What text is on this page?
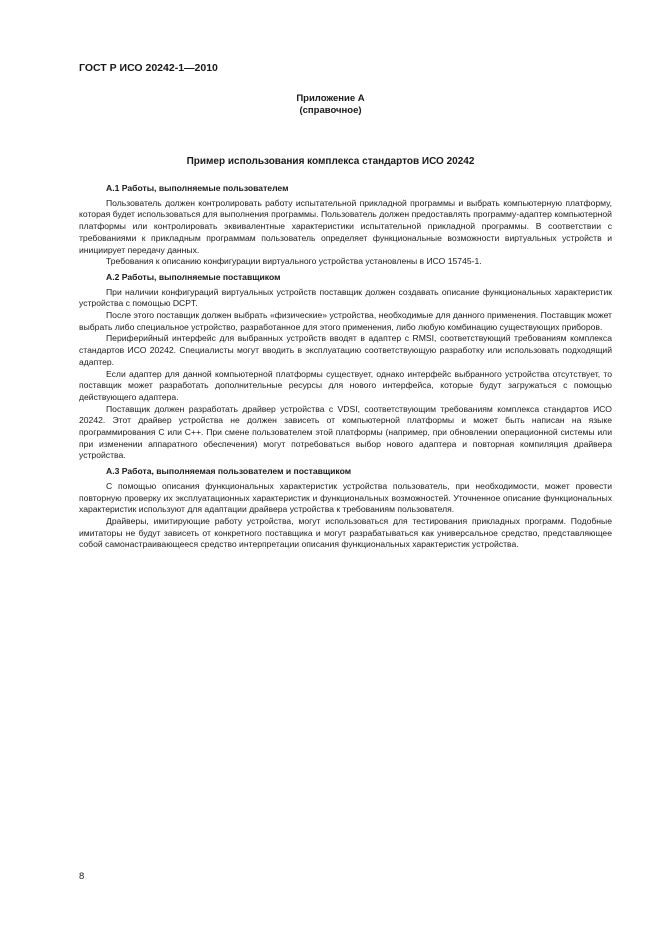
ГОСТ Р ИСО 20242-1—2010
Приложение А
(справочное)
Пример использования комплекса стандартов ИСО 20242
А.1 Работы, выполняемые пользователем

Пользователь должен контролировать работу испытательной прикладной программы и выбрать компьютерную платформу, которая будет использоваться для выполнения программы. Пользователь должен предоставлять программу-адаптер компьютерной платформы или контролировать эквивалентные характеристики испытательной прикладной программы. В соответствии с требованиями к прикладным программам пользователь определяет функциональные возможности виртуальных устройств и инициирует передачу данных.

Требования к описанию конфигурации виртуального устройства установлены в ИСО 15745-1.

А.2 Работы, выполняемые поставщиком

При наличии конфигураций виртуальных устройств поставщик должен создавать описание функциональных характеристик устройства с помощью DCPT.

После этого поставщик должен выбрать «физические» устройства, необходимые для данного применения. Поставщик может выбрать либо специальное устройство, разработанное для этого применения, либо любую комбинацию существующих приборов.

Периферийный интерфейс для выбранных устройств вводят в адаптер с RMSI, соответствующий требованиям комплекса стандартов ИСО 20242. Специалисты могут вводить в эксплуатацию соответствующую разработку или использовать подходящий адаптер.

Если адаптер для данной компьютерной платформы существует, однако интерфейс выбранного устройства отсутствует, то поставщик может разработать дополнительные ресурсы для нового интерфейса, которые будут загружаться с помощью действующего адаптера.

Поставщик должен разработать драйвер устройства с VDSI, соответствующим требованиям комплекса стандартов ИСО 20242. Этот драйвер устройства не должен зависеть от компьютерной платформы и может быть написан на языке программирования С или С++. При смене пользователем этой платформы (например, при обновлении операционной системы или при изменении аппаратного обеспечения) могут потребоваться выбор нового адаптера и повторная компиляция драйвера устройства.

А.3 Работа, выполняемая пользователем и поставщиком

С помощью описания функциональных характеристик устройства пользователь, при необходимости, может провести повторную проверку их эксплуатационных характеристик и функциональных возможностей. Уточненное описание функциональных характеристик используют для адаптации драйвера устройства к требованиям пользователя.

Драйверы, имитирующие работу устройства, могут использоваться для тестирования прикладных программ. Подобные имитаторы не будут зависеть от конкретного поставщика и могут разрабатываться как универсальное средство, представляющее собой самонастраивающееся средство интерпретации описания функциональных характеристик устройства.

8
